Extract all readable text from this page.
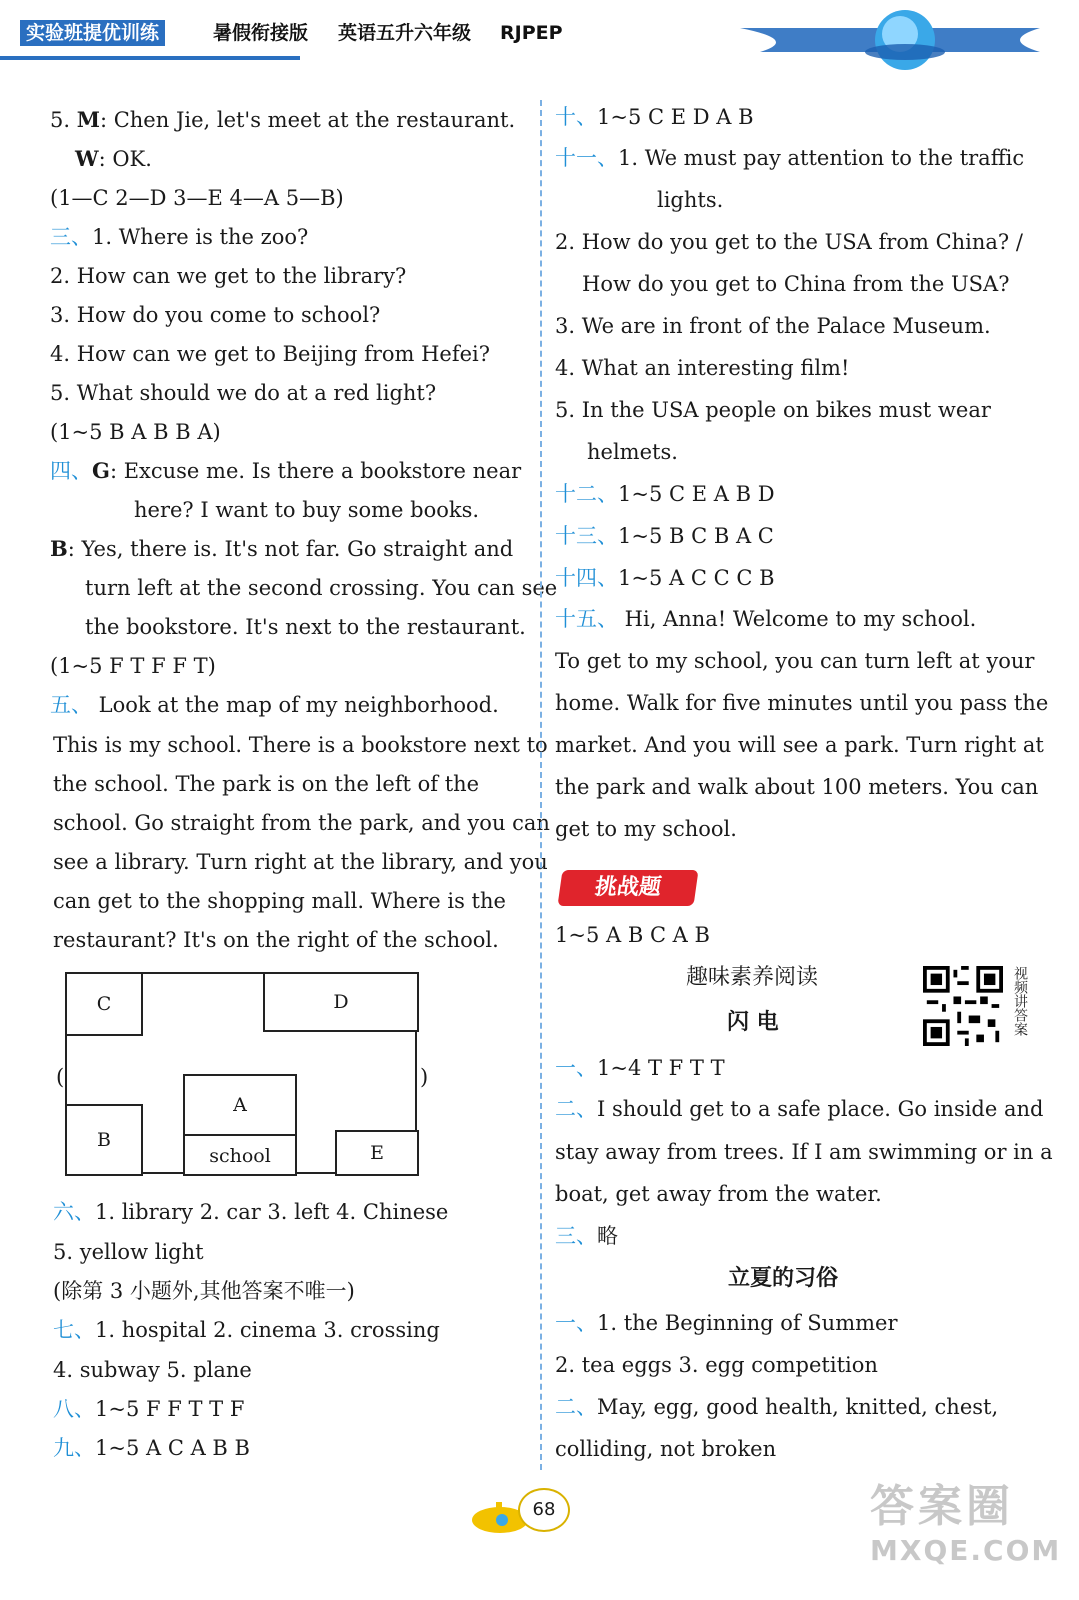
实验班提优训练	暑假衔接版 英语五升六年级 RJPEP
5. M: Chen Jie, let's meet at the restaurant.
W: OK.
(1—C 2—D 3—E 4—A 5—B)
三、1. Where is the zoo?
2. How can we get to the library?
3. How do you come to school?
4. How can we get to Beijing from Hefei?
5. What should we do at a red light?
(1~5 B A B B A)
四、G: Excuse me. Is there a bookstore near
here? I want to buy some books.
B: Yes, there is. It's not far. Go straight and
turn left at the second crossing. You can see
the bookstore. It's next to the restaurant.
(1~5 F T F F T)
五、 Look at the map of my neighborhood.
This is my school. There is a bookstore next to
the school. The park is on the left of the
school. Go straight from the park, and you can
see a library. Turn right at the library, and you
can get to the shopping mall. Where is the
restaurant? It's on the right of the school.
六、1. library 2. car 3. left 4. Chinese
5. yellow light
(除第 3 小题外,其他答案不唯一)
七、1. hospital 2. cinema 3. crossing
4. subway 5. plane
八、1~5 F F T T F
九、1~5 A C A B B
C	D
B
A
school	E
(	)
十、1~5 C E D A B
十一、1. We must pay attention to the traffic
lights.
2. How do you get to the USA from China? /
How do you get to China from the USA?
3. We are in front of the Palace Museum.
4. What an interesting film!
5. In the USA people on bikes must wear
helmets.
十二、1~5 C E A B D
十三、1~5 B C B A C
十四、1~5 A C C C B
十五、 Hi, Anna! Welcome to my school.
To get to my school, you can turn left at your
home. Walk for five minutes until you pass the
market. And you will see a park. Turn right at
the park and walk about 100 meters. You can
get to my school.
1~5 A B C A B
一、1~4 T F T T
二、I should get to a safe place. Go inside and
stay away from trees. If I am swimming or in a
boat, get away from the water.
三、略
一、1. the Beginning of Summer
2. tea eggs 3. egg competition
二、May, egg, good health, knitted, chest,
colliding, not broken
挑战题
趣味素养阅读
闪 电
立夏的习俗
视频讲答案
68	答案圈
MXQE.COM
